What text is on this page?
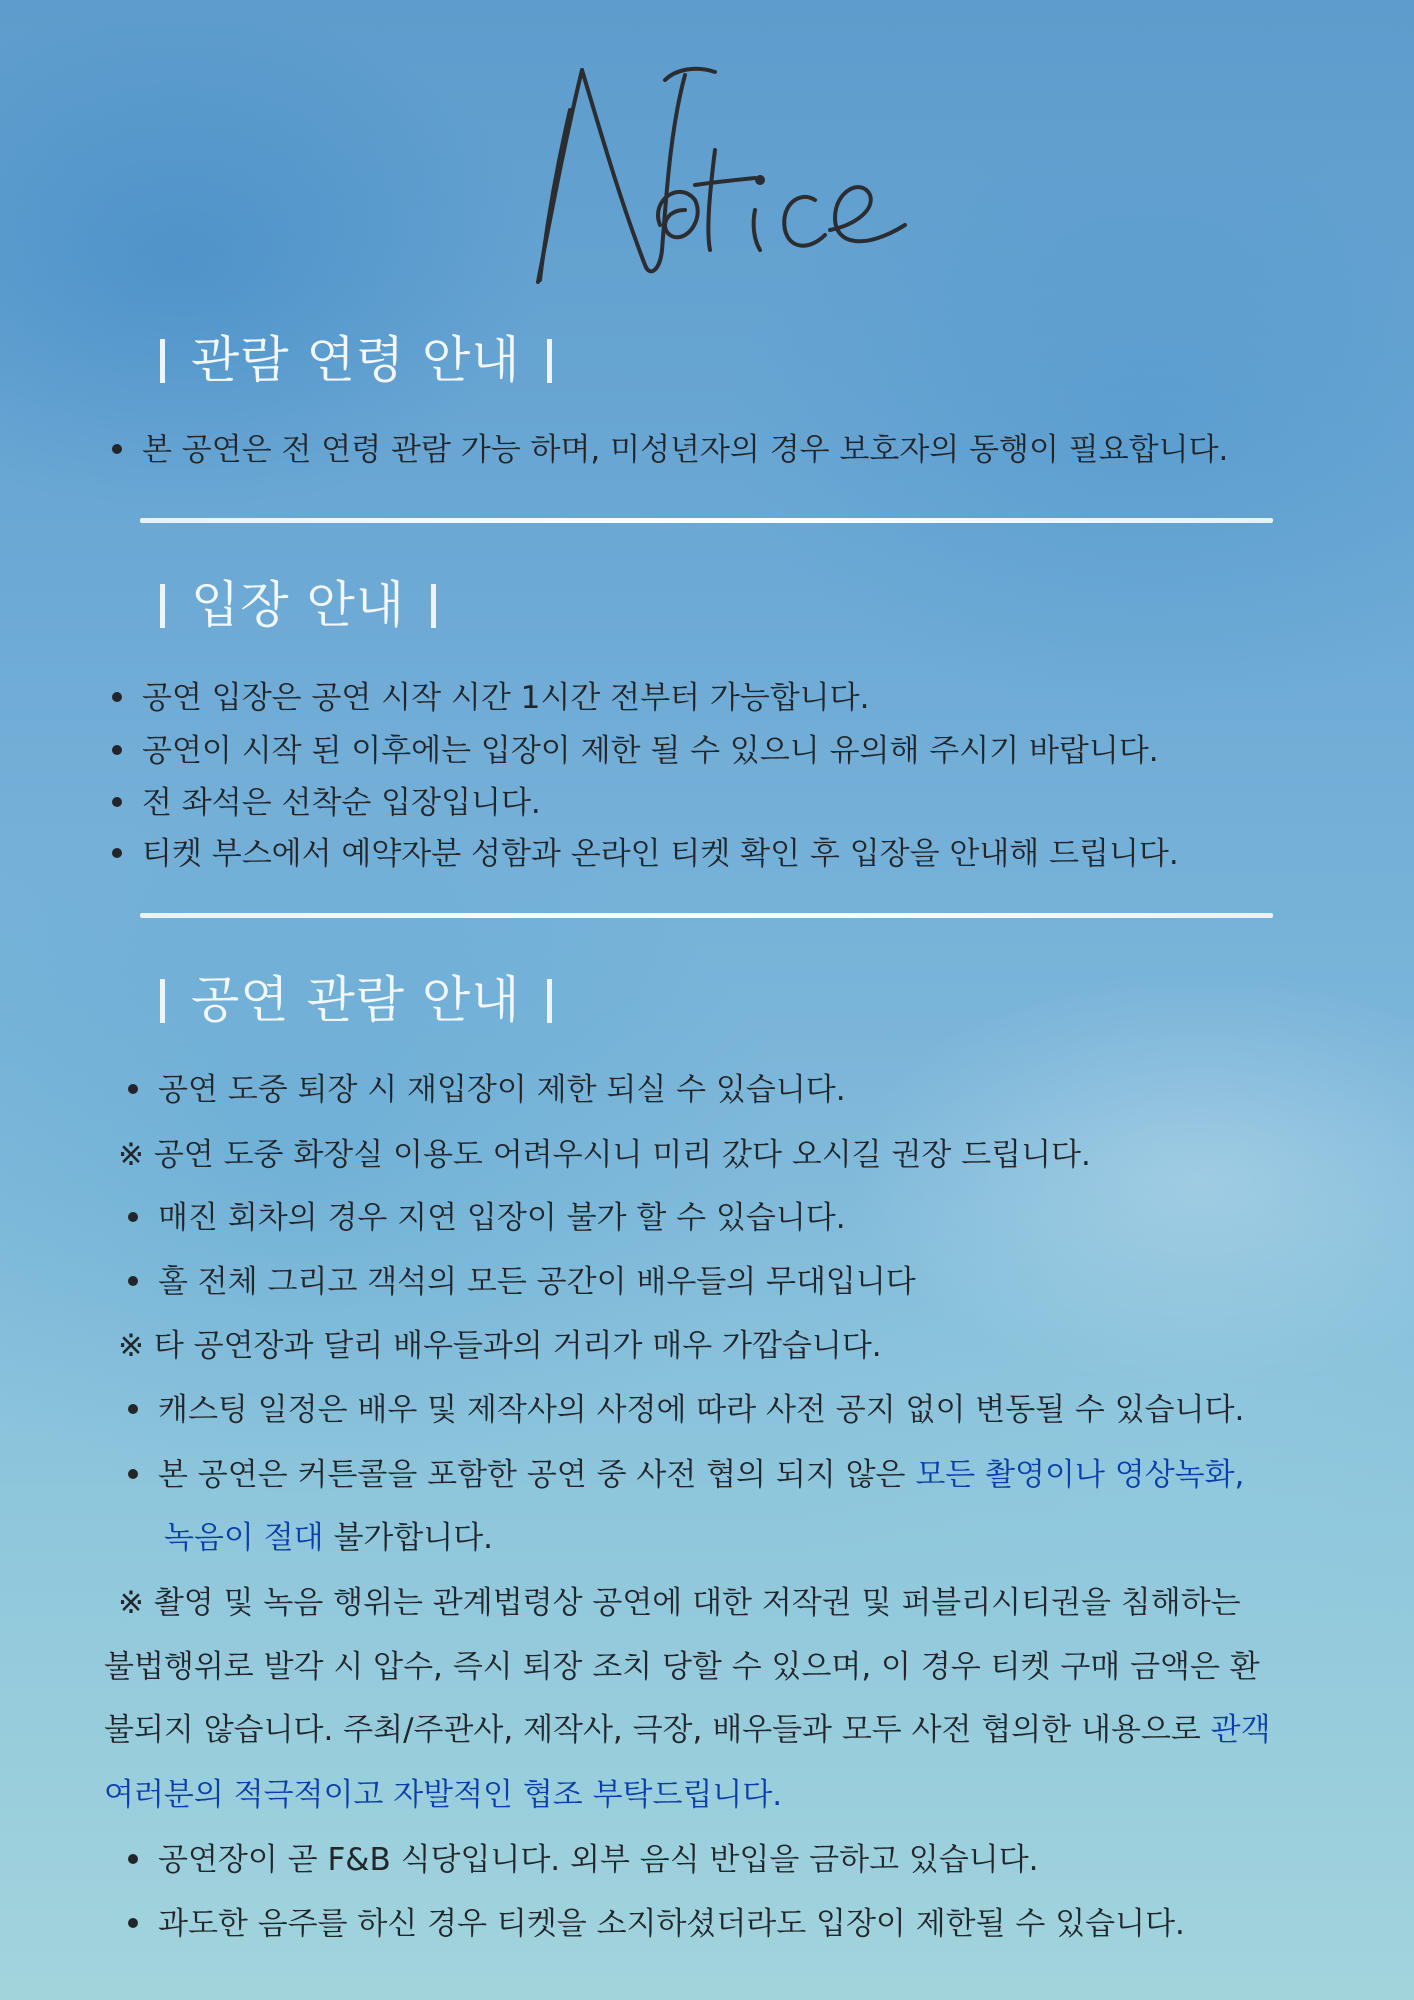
관람 연령 안내
본 공연은 전 연령 관람 가능 하며, 미성년자의 경우 보호자의 동행이 필요합니다.
입장 안내
공연 입장은 공연 시작 시간 1시간 전부터 가능합니다.
공연이 시작 된 이후에는 입장이 제한 될 수 있으니 유의해 주시기 바랍니다.
전 좌석은 선착순 입장입니다.
티켓 부스에서 예약자분 성함과 온라인 티켓 확인 후 입장을 안내해 드립니다.
공연 관람 안내
공연 도중 퇴장 시 재입장이 제한 되실 수 있습니다.
※ 공연 도중 화장실 이용도 어려우시니 미리 갔다 오시길 권장 드립니다.
매진 회차의 경우 지연 입장이 불가 할 수 있습니다.
홀 전체 그리고 객석의 모든 공간이 배우들의 무대입니다
※ 타 공연장과 달리 배우들과의 거리가 매우 가깝습니다.
캐스팅 일정은 배우 및 제작사의 사정에 따라 사전 공지 없이 변동될 수 있습니다.
본 공연은 커튼콜을 포함한 공연 중 사전 협의 되지 않은 모든 촬영이나 영상녹화,
녹음이 절대 불가합니다.
※ 촬영 및 녹음 행위는 관계법령상 공연에 대한 저작권 및 퍼블리시티권을 침해하는
불법행위로 발각 시 압수, 즉시 퇴장 조치 당할 수 있으며, 이 경우 티켓 구매 금액은 환
불되지 않습니다. 주최/주관사, 제작사, 극장, 배우들과 모두 사전 협의한 내용으로 관객
여러분의 적극적이고 자발적인 협조 부탁드립니다.
공연장이 곧 F&B 식당입니다. 외부 음식 반입을 금하고 있습니다.
과도한 음주를 하신 경우 티켓을 소지하셨더라도 입장이 제한될 수 있습니다.
